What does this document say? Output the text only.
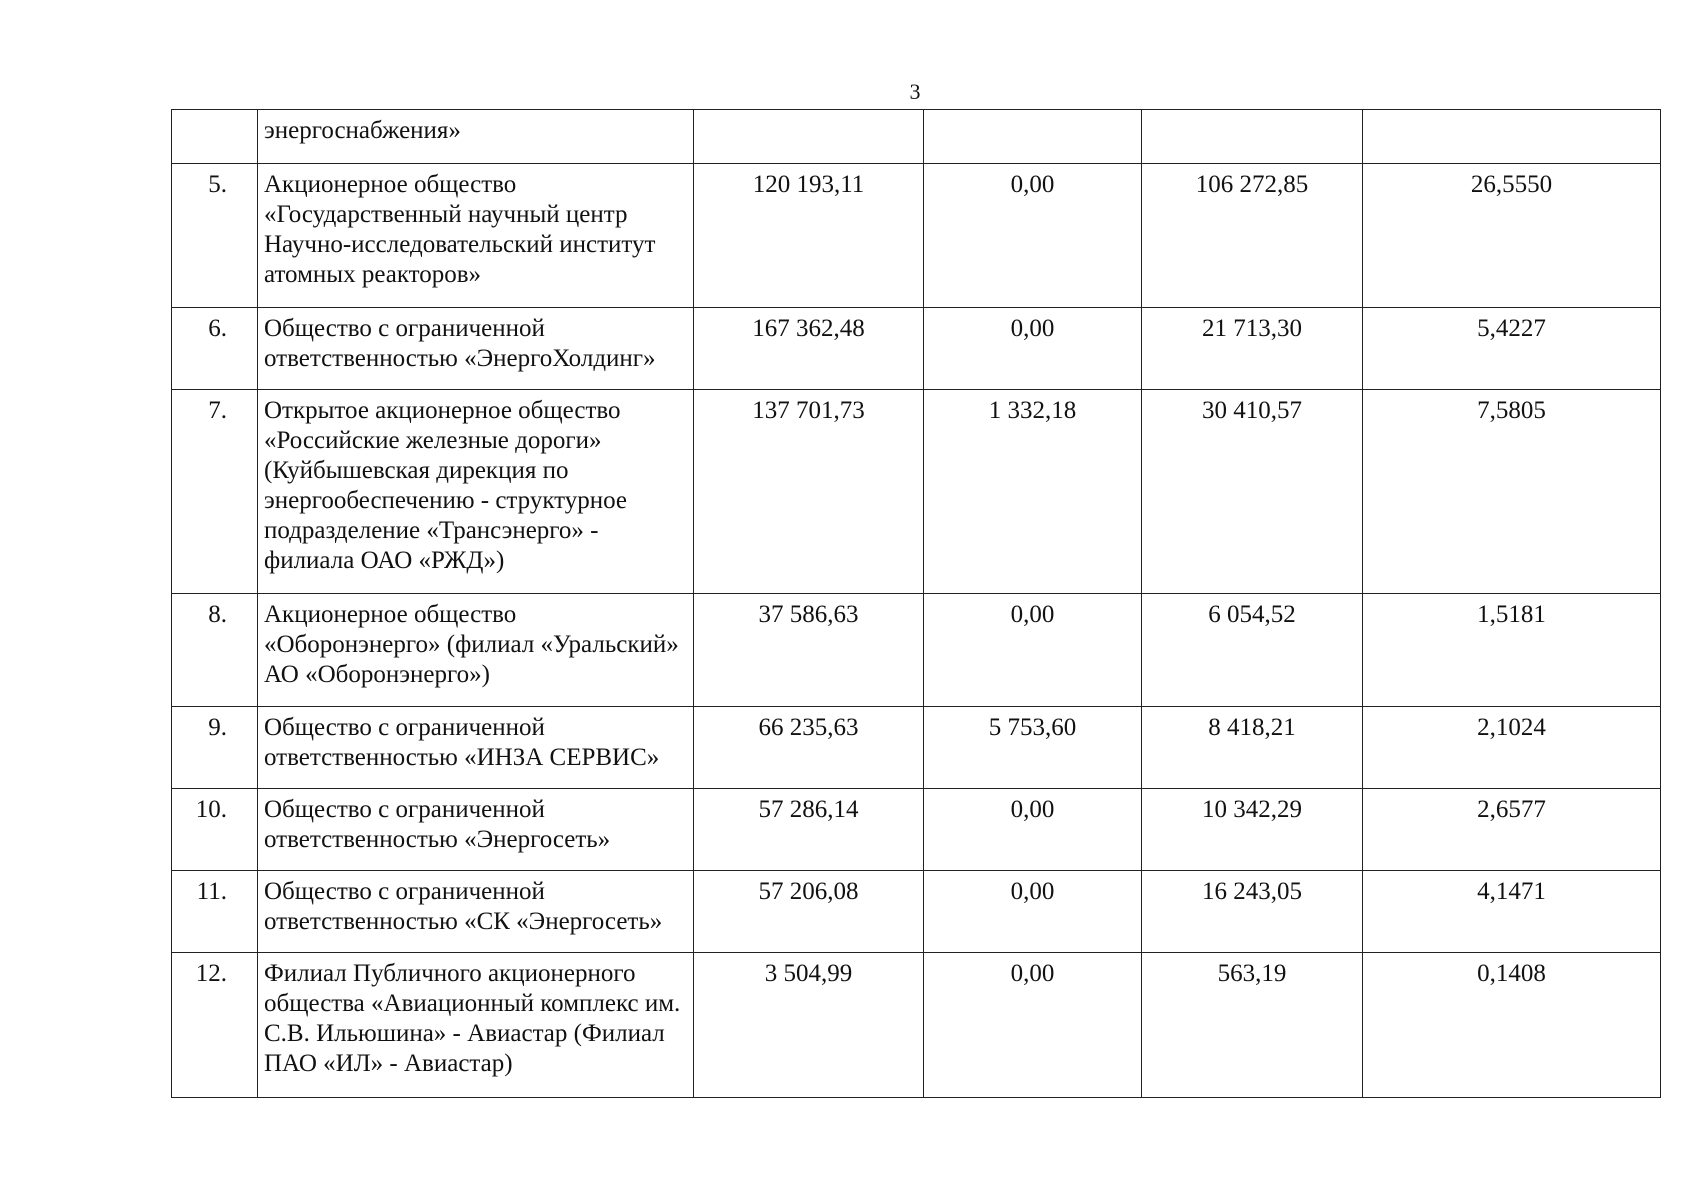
3
	энергоснабжения»				
5.	Акционерное общество «Государственный научный центр Научно-исследовательский институт атомных реакторов»	120 193,11	0,00	106 272,85	26,5550
6.	Общество с ограниченной ответственностью «ЭнергоХолдинг»	167 362,48	0,00	21 713,30	5,4227
7.	Открытое акционерное общество «Российские железные дороги» (Куйбышевская дирекция по энергообеспечению - структурное подразделение «Трансэнерго» - филиала ОАО «РЖД»)	137 701,73	1 332,18	30 410,57	7,5805
8.	Акционерное общество «Оборонэнерго» (филиал «Уральский» АО «Оборонэнерго»)	37 586,63	0,00	6 054,52	1,5181
9.	Общество с ограниченной ответственностью «ИНЗА СЕРВИС»	66 235,63	5 753,60	8 418,21	2,1024
10.	Общество с ограниченной ответственностью «Энергосеть»	57 286,14	0,00	10 342,29	2,6577
11.	Общество с ограниченной ответственностью «СК «Энергосеть»	57 206,08	0,00	16 243,05	4,1471
12.	Филиал Публичного акционерного общества «Авиационный комплекс им. С.В. Ильюшина» - Авиастар (Филиал ПАО «ИЛ» - Авиастар)	3 504,99	0,00	563,19	0,1408
